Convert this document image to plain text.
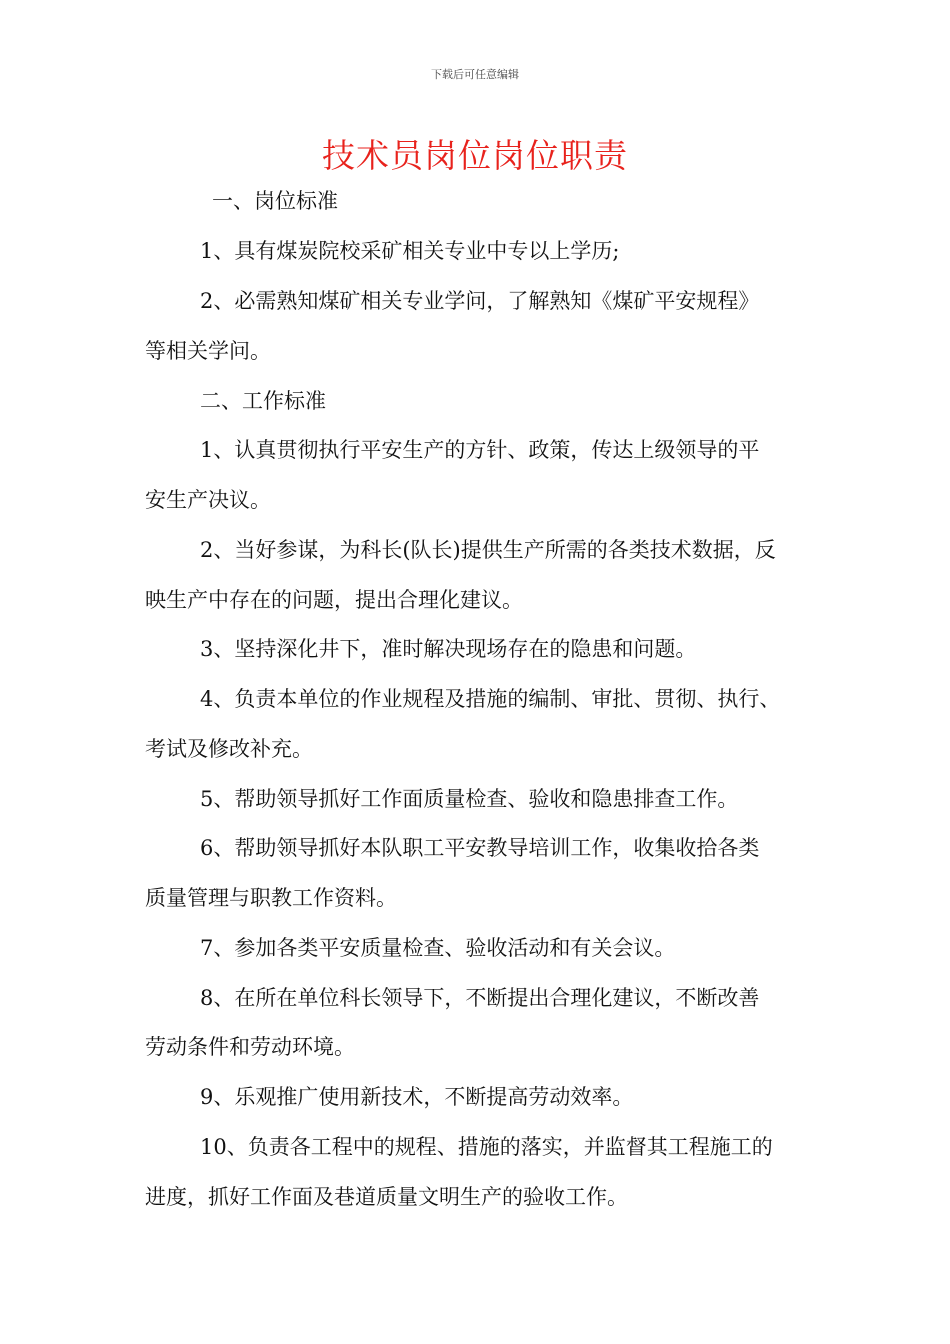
下载后可任意编辑
技术员岗位岗位职责
一、岗位标准
1、具有煤炭院校采矿相关专业中专以上学历;
2、必需熟知煤矿相关专业学问，了解熟知《煤矿平安规程》
等相关学问。
二、工作标准
1、认真贯彻执行平安生产的方针、政策，传达上级领导的平
安生产决议。
2、当好参谋，为科长(队长)提供生产所需的各类技术数据，反
映生产中存在的问题，提出合理化建议。
3、坚持深化井下，准时解决现场存在的隐患和问题。
4、负责本单位的作业规程及措施的编制、审批、贯彻、执行、
考试及修改补充。
5、帮助领导抓好工作面质量检查、验收和隐患排查工作。
6、帮助领导抓好本队职工平安教导培训工作，收集收拾各类
质量管理与职教工作资料。
7、参加各类平安质量检查、验收活动和有关会议。
8、在所在单位科长领导下，不断提出合理化建议，不断改善
劳动条件和劳动环境。
9、乐观推广使用新技术，不断提高劳动效率。
10、负责各工程中的规程、措施的落实，并监督其工程施工的
进度，抓好工作面及巷道质量文明生产的验收工作。
